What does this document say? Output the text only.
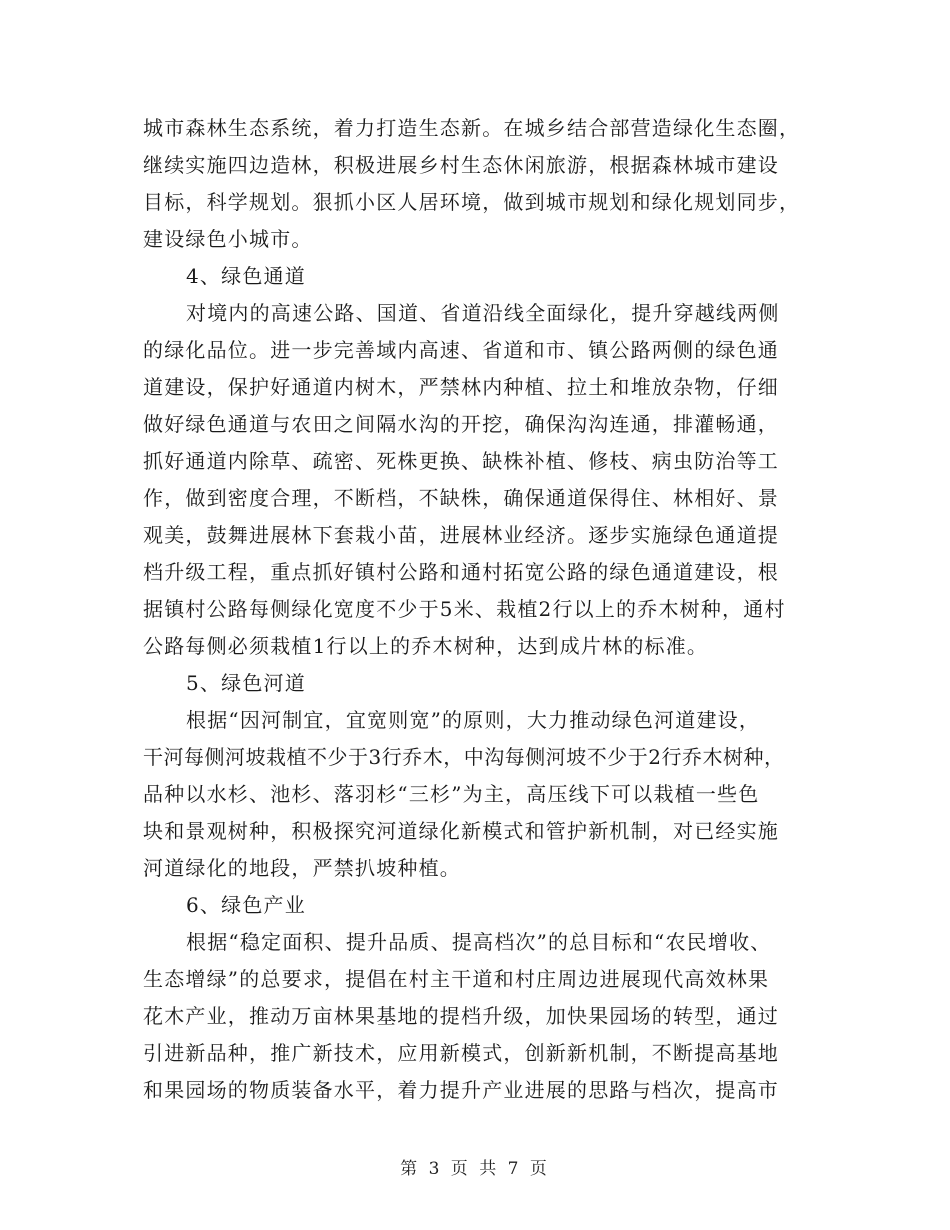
城市森林生态系统，着力打造生态新。在城乡结合部营造绿化生态圈，
继续实施四边造林，积极进展乡村生态休闲旅游，根据森林城市建设
目标，科学规划。狠抓小区人居环境，做到城市规划和绿化规划同步，
建设绿色小城市。
4、绿色通道
对境内的高速公路、国道、省道沿线全面绿化，提升穿越线两侧
的绿化品位。进一步完善域内高速、省道和市、镇公路两侧的绿色通
道建设，保护好通道内树木，严禁林内种植、拉土和堆放杂物，仔细
做好绿色通道与农田之间隔水沟的开挖，确保沟沟连通，排灌畅通，
抓好通道内除草、疏密、死株更换、缺株补植、修枝、病虫防治等工
作，做到密度合理，不断档，不缺株，确保通道保得住、林相好、景
观美，鼓舞进展林下套栽小苗，进展林业经济。逐步实施绿色通道提
档升级工程，重点抓好镇村公路和通村拓宽公路的绿色通道建设，根
据镇村公路每侧绿化宽度不少于5米、栽植2行以上的乔木树种，通村
公路每侧必须栽植1行以上的乔木树种，达到成片林的标准。
5、绿色河道
根据“因河制宜，宜宽则宽”的原则，大力推动绿色河道建设，
干河每侧河坡栽植不少于3行乔木，中沟每侧河坡不少于2行乔木树种，
品种以水杉、池杉、落羽杉“三杉”为主，高压线下可以栽植一些色
块和景观树种，积极探究河道绿化新模式和管护新机制，对已经实施
河道绿化的地段，严禁扒坡种植。
6、绿色产业
根据“稳定面积、提升品质、提高档次”的总目标和“农民增收、
生态增绿”的总要求，提倡在村主干道和村庄周边进展现代高效林果
花木产业，推动万亩林果基地的提档升级，加快果园场的转型，通过
引进新品种，推广新技术，应用新模式，创新新机制，不断提高基地
和果园场的物质装备水平，着力提升产业进展的思路与档次，提高市
第 3 页 共 7 页
